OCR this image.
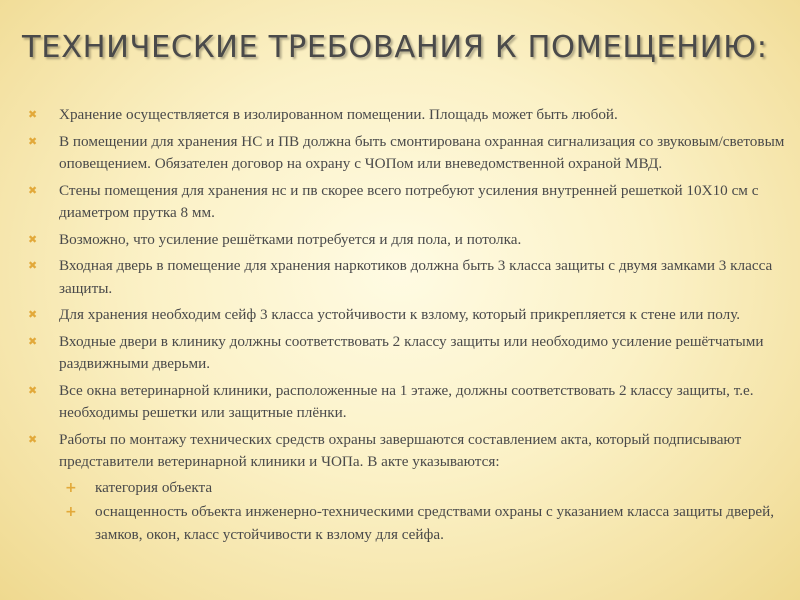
ТЕХНИЧЕСКИЕ ТРЕБОВАНИЯ К ПОМЕЩЕНИЮ:
✖ Хранение осуществляется в изолированном помещении. Площадь может быть любой.
✖ В помещении для хранения НС и ПВ должна быть смонтирована охранная сигнализация со звуковым/световым оповещением. Обязателен договор на охрану с ЧОПом или вневедомственной охраной МВД.
✖ Стены помещения для хранения нс и пв скорее всего потребуют усиления внутренней решеткой 10Х10 см с диаметром прутка 8 мм.
✖ Возможно, что усиление решётками потребуется и для пола, и потолка.
✖ Входная дверь в помещение для хранения наркотиков должна быть 3 класса защиты с двумя замками 3 класса защиты.
✖ Для хранения необходим сейф 3 класса устойчивости к взлому, который прикрепляется к стене или полу.
✖ Входные двери в клинику должны соответствовать 2 классу защиты или необходимо усиление решётчатыми раздвижными дверьми.
✖ Все окна ветеринарной клиники, расположенные на 1 этаже, должны соответствовать 2 классу защиты, т.е. необходимы решетки или защитные плёнки.
✖ Работы по монтажу технических средств охраны завершаются составлением акта, который подписывают представители ветеринарной клиники и ЧОПа. В акте указываются:
+ категория объекта
+ оснащенность объекта инженерно-техническими средствами охраны с указанием класса защиты дверей, замков, окон, класс устойчивости к взлому для сейфа.
